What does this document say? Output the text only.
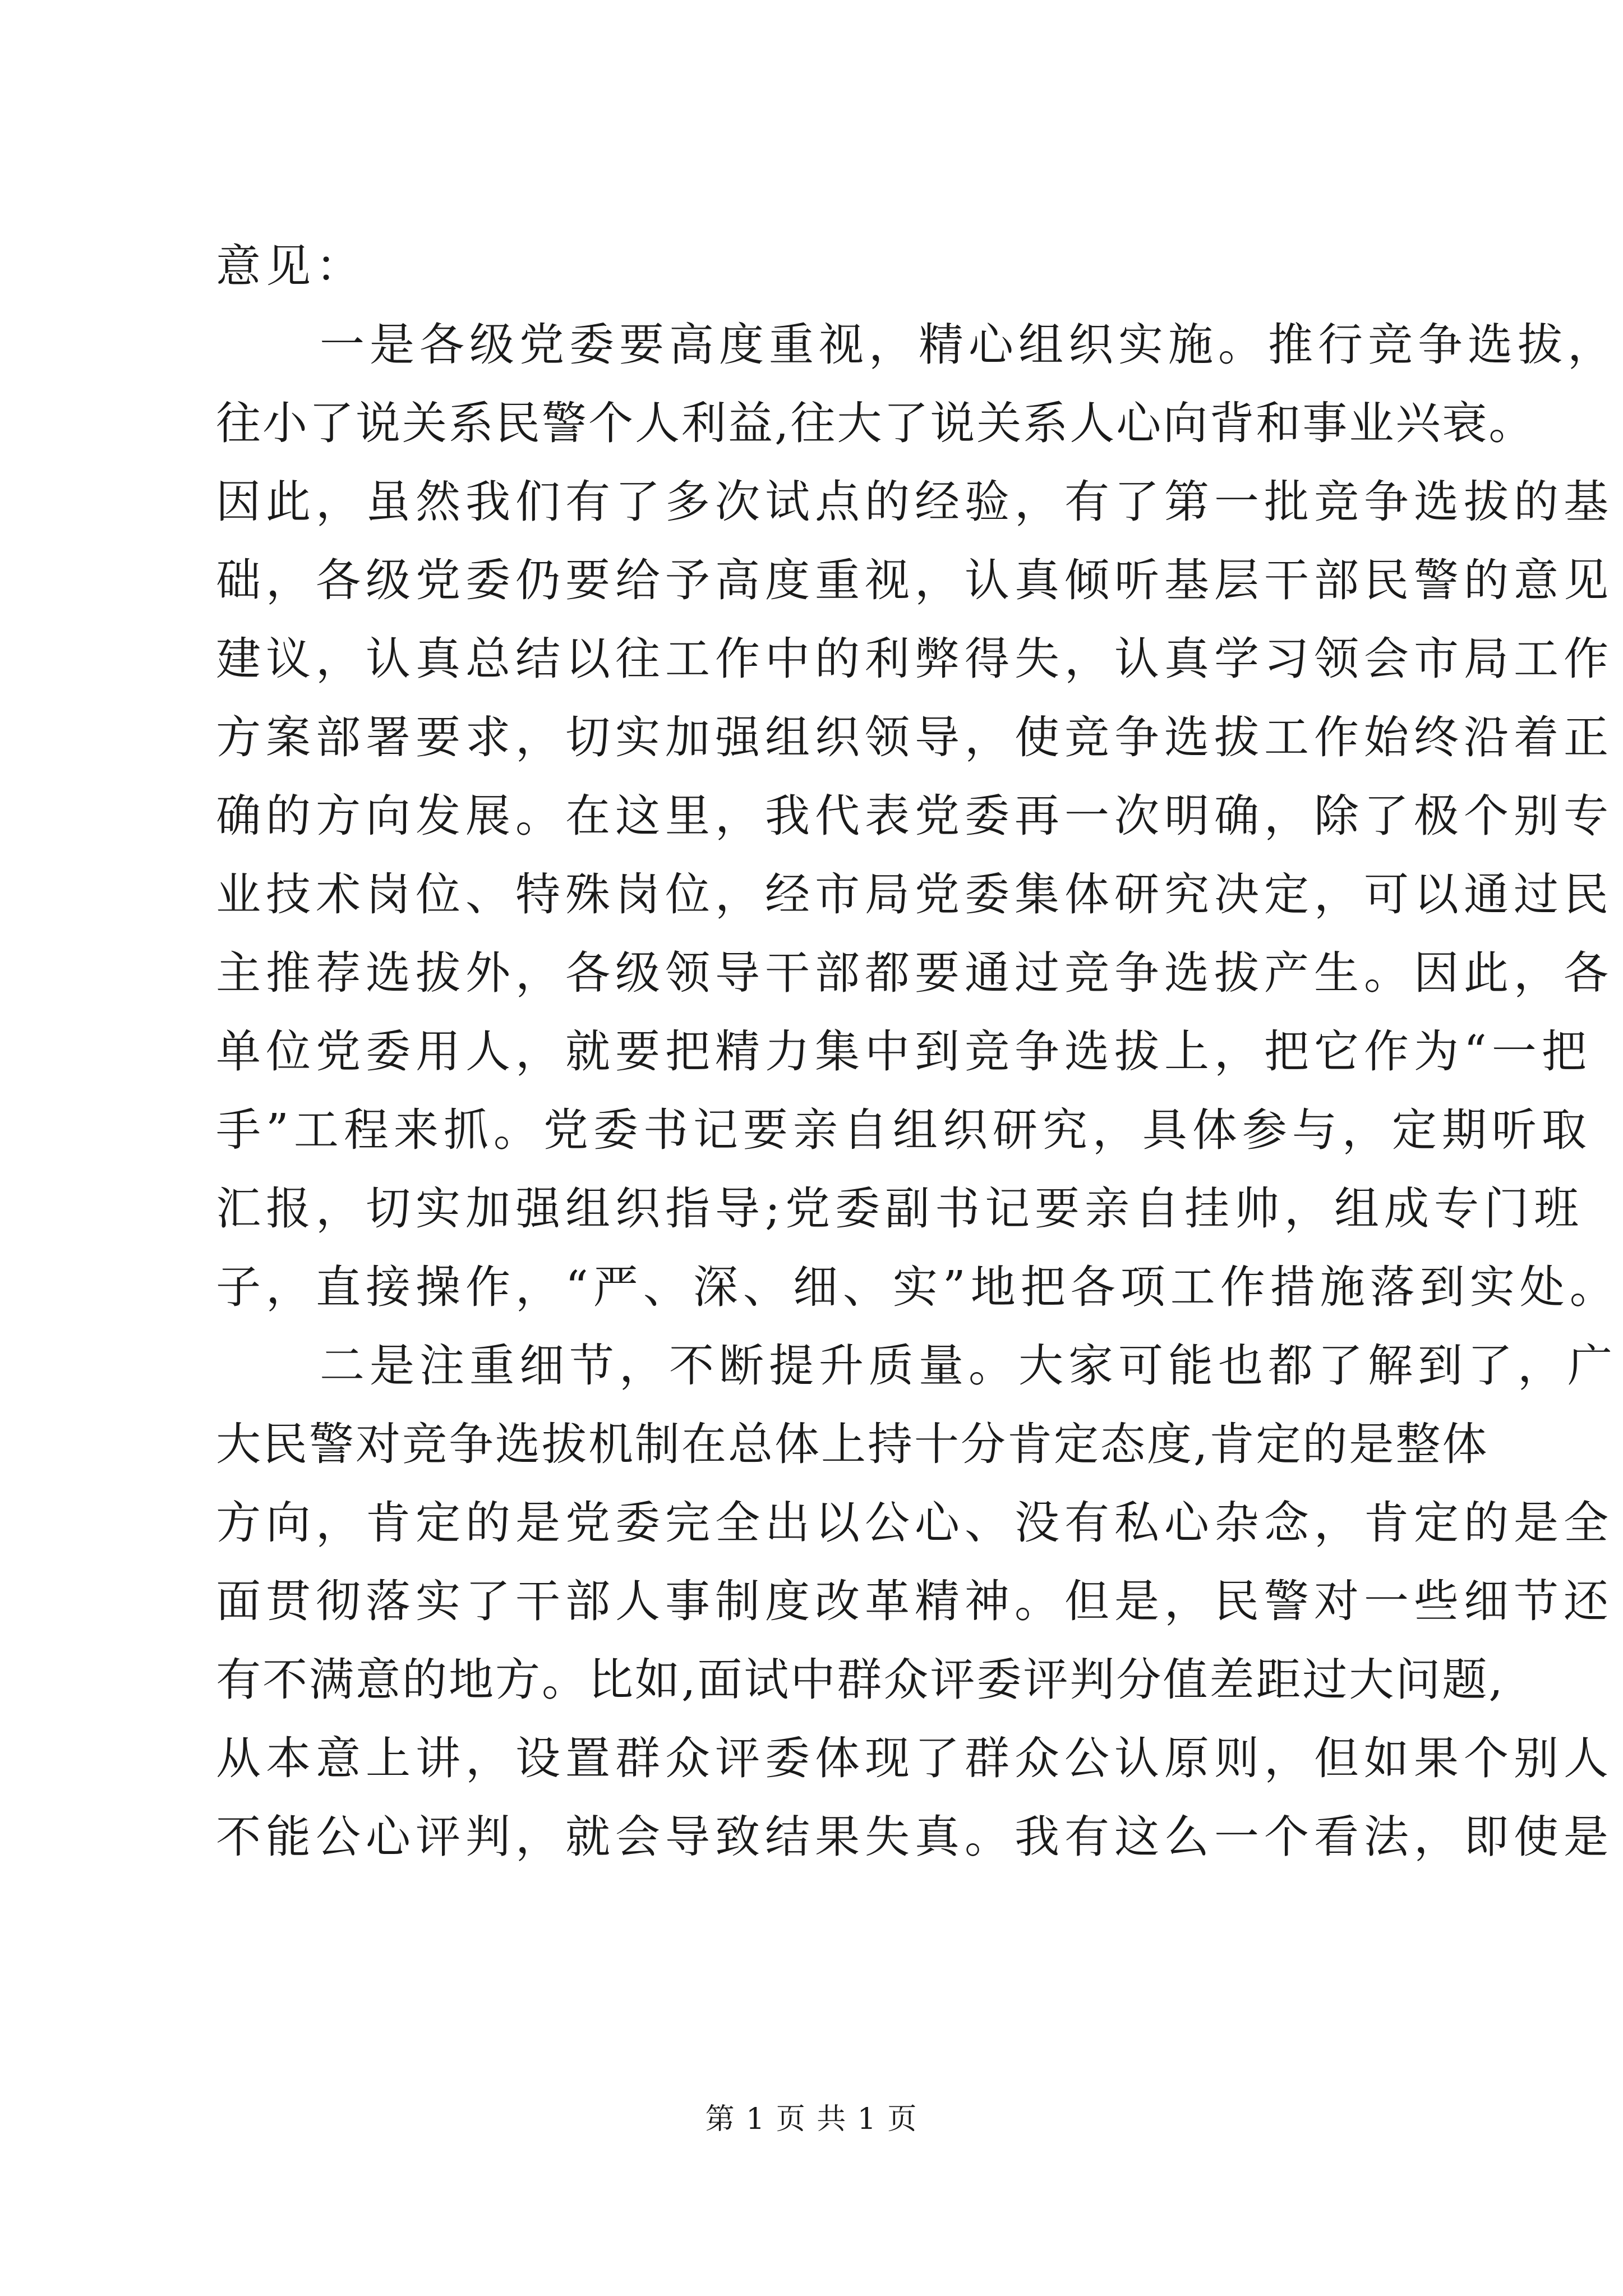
意见：
一是各级党委要高度重视，精心组织实施。推行竞争选拔，
往小了说关系民警个人利益,往大了说关系人心向背和事业兴衰。
因此，虽然我们有了多次试点的经验，有了第一批竞争选拔的基
础，各级党委仍要给予高度重视，认真倾听基层干部民警的意见
建议，认真总结以往工作中的利弊得失，认真学习领会市局工作
方案部署要求，切实加强组织领导，使竞争选拔工作始终沿着正
确的方向发展。在这里，我代表党委再一次明确，除了极个别专
业技术岗位、特殊岗位，经市局党委集体研究决定，可以通过民
主推荐选拔外，各级领导干部都要通过竞争选拔产生。因此，各
单位党委用人，就要把精力集中到竞争选拔上，把它作为“一把
手”工程来抓。党委书记要亲自组织研究，具体参与，定期听取
汇报，切实加强组织指导;党委副书记要亲自挂帅，组成专门班
子，直接操作，“严、深、细、实”地把各项工作措施落到实处。
二是注重细节，不断提升质量。大家可能也都了解到了，广
大民警对竞争选拔机制在总体上持十分肯定态度,肯定的是整体
方向，肯定的是党委完全出以公心、没有私心杂念，肯定的是全
面贯彻落实了干部人事制度改革精神。但是，民警对一些细节还
有不满意的地方。比如,面试中群众评委评判分值差距过大问题,
从本意上讲，设置群众评委体现了群众公认原则，但如果个别人
不能公心评判，就会导致结果失真。我有这么一个看法，即使是
第 1 页 共 1 页
